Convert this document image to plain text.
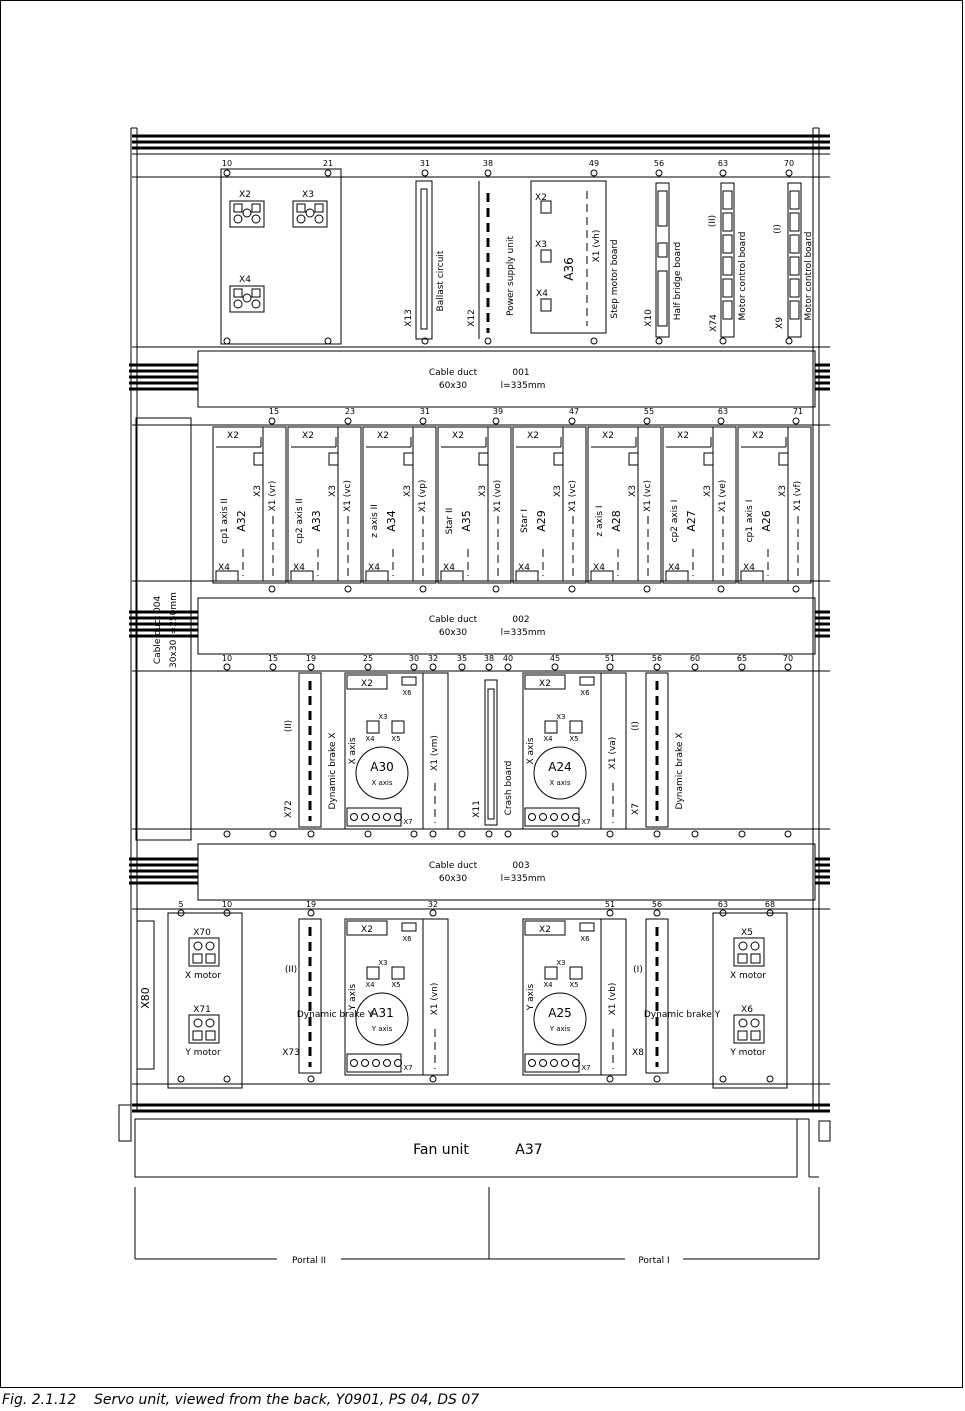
10	21	31	38	49	56	63	70
X2	X3
X4
X13
Ballast circuit
X12
Power supply unit
X2
X3
X4
A36
X1 (vh) Step motor board	X10 Half bridge board
X74
(II)
Motor control board
X9
(I)
Motor control board
Cable duct	001
60x30	l=335mm
Cable duct	002
60x30	l=335mm
Cable duct	003
60x30	l=335mm
Cable duct 004 30x30 l=250mm
15	23	31	39	47	55	63	71
X2
X3 X1 (vr)
cp1 axis II A32
X4
X2
X3 X1 (vc)
cp2 axis II A33
X4
X2
X3 X1 (vp)
z axis II A34
X4
X2
X3 X1 (vo)
Star II A35
X4
X2
X3 X1 (vc)
Star I A29
X4
X2
X3 X1 (vc)
z axis I A28
X4
X2
X3 X1 (ve)
cp2 axis I A27
X4
X2
X3 X1 (vf)
cp1 axis I A26
X4
10	15	19	25	30 32 35 38 40	45	51	56	60	65	70
X72
(II)
Dynamic brake X	X7
(I)
Dynamic brake X
X2
X6
X3
X4 X5
X axis
A30
X axis
X1 (vm)
X7
X2
X6
X3
X4 X5
X axis
A24
X axis
X1 (va)
X7
X11 Crash board
5	10	19	32	51	56	63	68
X80
X70
X motor
X71
Y motor	X73
(II)
Dynamic brake Y
X2
X6
X3
X4 X5
Y axis
A31
Y axis
X1 (vn)
X7
X2
X6
X3
X4 X5
Y axis
A25
Y axis
X1 (vb)
X7
X8
(I)
Dynamic brake Y
X5
X motor
X6
Y motor
Fan unit	A37
Portal II	Portal I
Fig. 2.1.12 Servo unit, viewed from the back, Y0901, PS 04, DS 07
